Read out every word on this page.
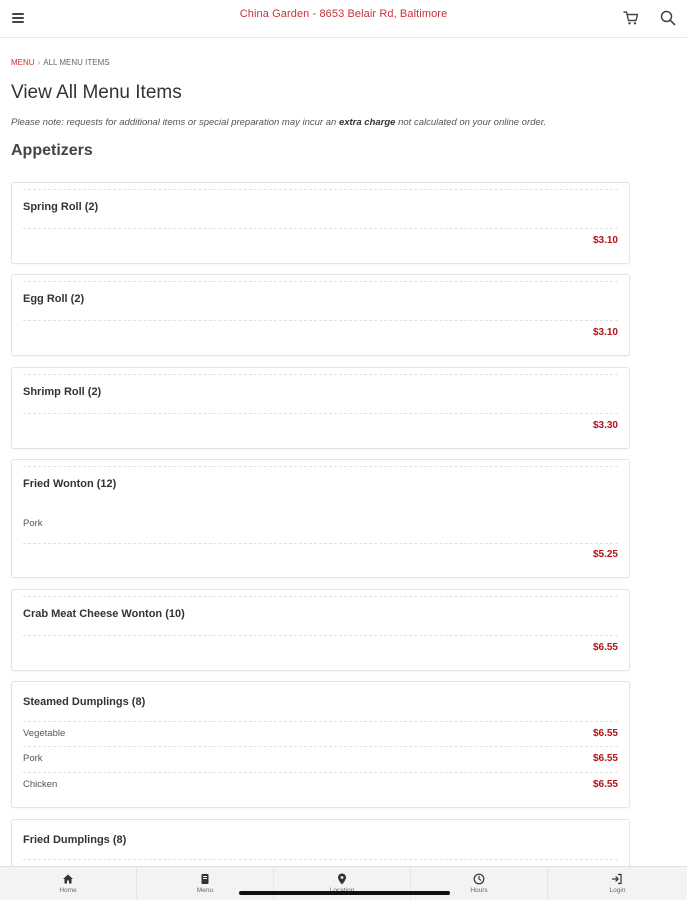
China Garden - 8653 Belair Rd, Baltimore
MENU › ALL MENU ITEMS
View All Menu Items
Please note: requests for additional items or special preparation may incur an extra charge not calculated on your online order.
Appetizers
Spring Roll (2)
$3.10
Egg Roll (2)
$3.10
Shrimp Roll (2)
$3.30
Fried Wonton (12)
Pork
$5.25
Crab Meat Cheese Wonton (10)
$6.55
Steamed Dumplings (8)
Vegetable	$6.55
Pork	$6.55
Chicken	$6.55
Fried Dumplings (8)
Home	Menu	Hours	Login
